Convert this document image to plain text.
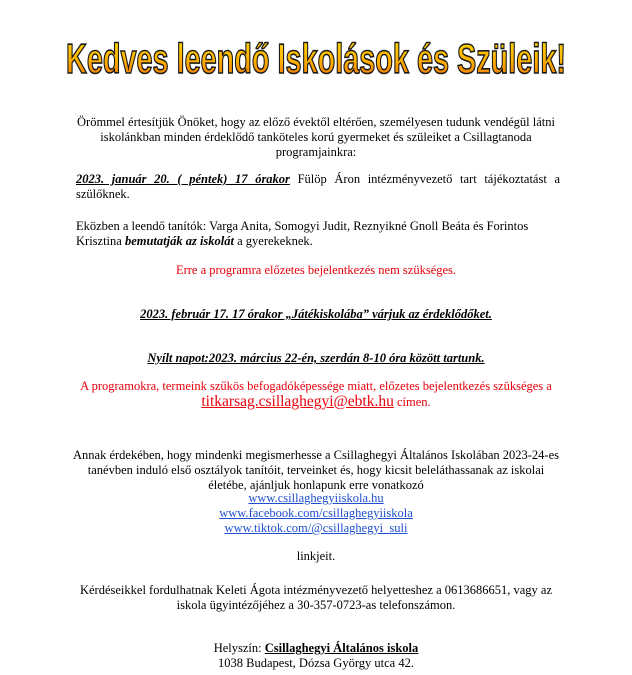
Kedves leendő Iskolások és Szüleik!
Örömmel értesítjük Önöket, hogy az előző évektől eltérően, személyesen tudunk vendégül látni iskolánkban minden érdeklődő tanköteles korú gyermeket és szüleiket a Csillagtanoda programjainkra:
2023. január 20. ( péntek) 17 órakor Fülöp Áron intézményvezető tart tájékoztatást a szülőknek.
Eközben a leendő tanítók: Varga Anita, Somogyi Judit, Reznyikné Gnoll Beáta és Forintos Krisztina bemutatják az iskolát a gyerekeknek.
Erre a programra előzetes bejelentkezés nem szükséges.
2023. február 17. 17 órakor „Játékiskolába” várjuk az érdeklődőket.
Nyílt napot:2023. március 22-én, szerdán 8-10 óra között tartunk.
A programokra, termeink szűkös befogadóképessége miatt, előzetes bejelentkezés szükséges a titkarsag.csillaghegyi@ebtk.hu címen.
Annak érdekében, hogy mindenki megismerhesse a Csillaghegyi Általános Iskolában 2023-24-es tanévben induló első osztályok tanítóit, terveinket és, hogy kicsit beleláthassanak az iskolai életébe, ajánljuk honlapunk erre vonatkozó
www.csillaghegyiiskola.hu
www.facebook.com/csillaghegyiiskola
www.tiktok.com/@csillaghegyi_suli
linkjeit.
Kérdéseikkel fordulhatnak Keleti Ágota intézményvezető helyetteshez a 0613686651, vagy az iskola ügyintézőjéhez a 30-357-0723-as telefonszámon.
Helyszín: Csillaghegyi Általános iskola
1038 Budapest, Dózsa György utca 42.
